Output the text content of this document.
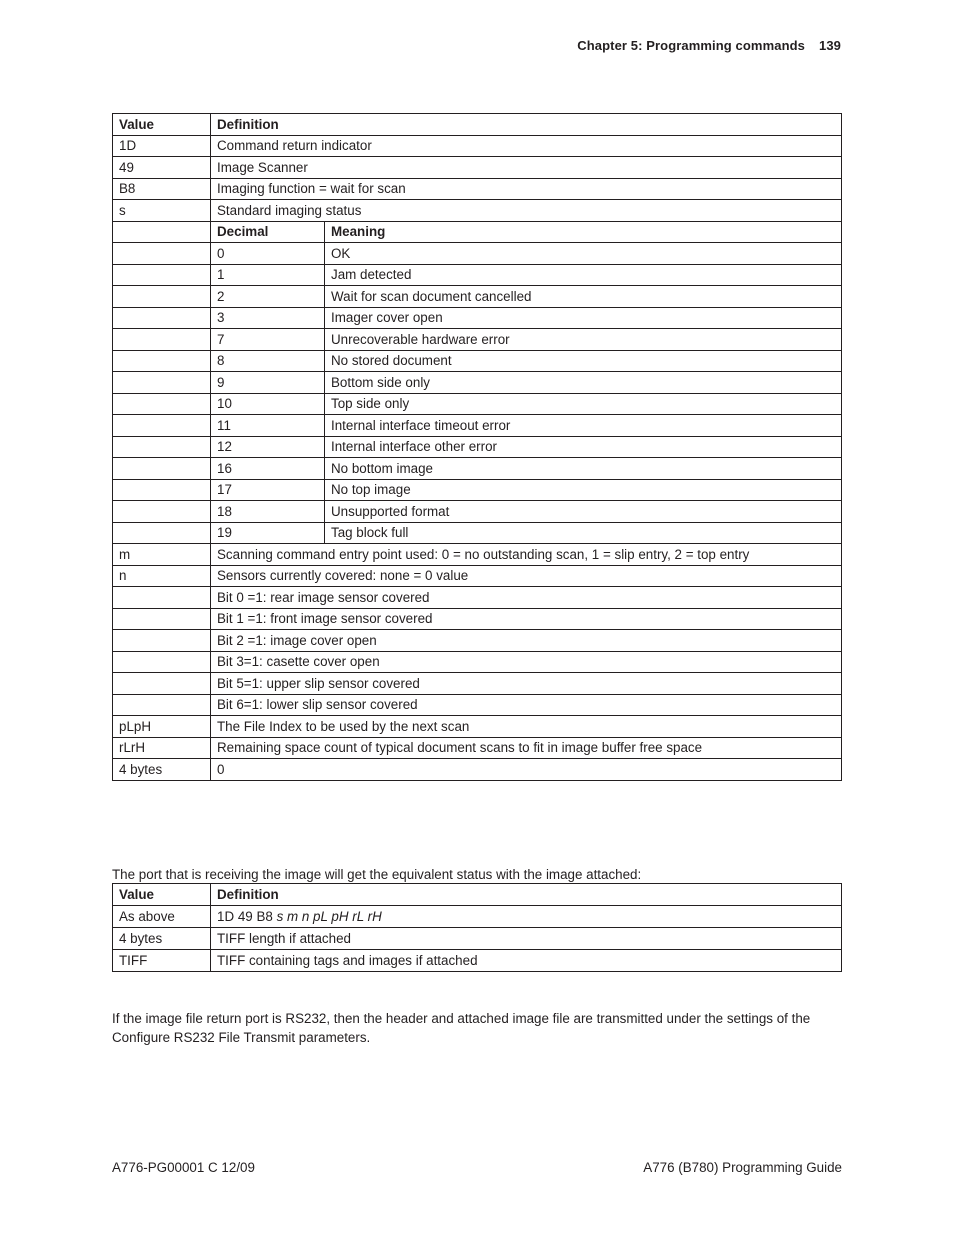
Chapter 5: Programming commands 139
Value	Definition	
1D	Command return indicator	
49	Image Scanner	
B8	Imaging function = wait for scan	
s	Standard imaging status	
	Decimal	Meaning
	0	OK
	1	Jam detected
	2	Wait for scan document cancelled
	3	Imager cover open
	7	Unrecoverable hardware error
	8	No stored document
	9	Bottom side only
	10	Top side only
	11	Internal interface timeout error
	12	Internal interface other error
	16	No bottom image
	17	No top image
	18	Unsupported format
	19	Tag block full
m	Scanning command entry point used: 0 = no outstanding scan, 1 = slip entry, 2 = top entry	
n	Sensors currently covered: none = 0 value	
	Bit 0 =1: rear image sensor covered	
	Bit 1 =1: front image sensor covered	
	Bit 2 =1: image cover open	
	Bit 3=1: casette cover open	
	Bit 5=1: upper slip sensor covered	
	Bit 6=1: lower slip sensor covered	
pLpH	The File Index to be used by the next scan	
rLrH	Remaining space count of typical document scans to fit in image buffer free space	
4 bytes	0	

The port that is receiving the image will get the equivalent status with the image attached:

Value	Definition
As above	1D 49 B8 s m n pL pH rL rH
4 bytes	TIFF length if attached
TIFF	TIFF containing tags and images if attached

If the image file return port is RS232, then the header and attached image file are transmitted under the settings of the Configure RS232 File Transmit parameters.

A776-PG00001 C 12/09	A776 (B780) Programming Guide
